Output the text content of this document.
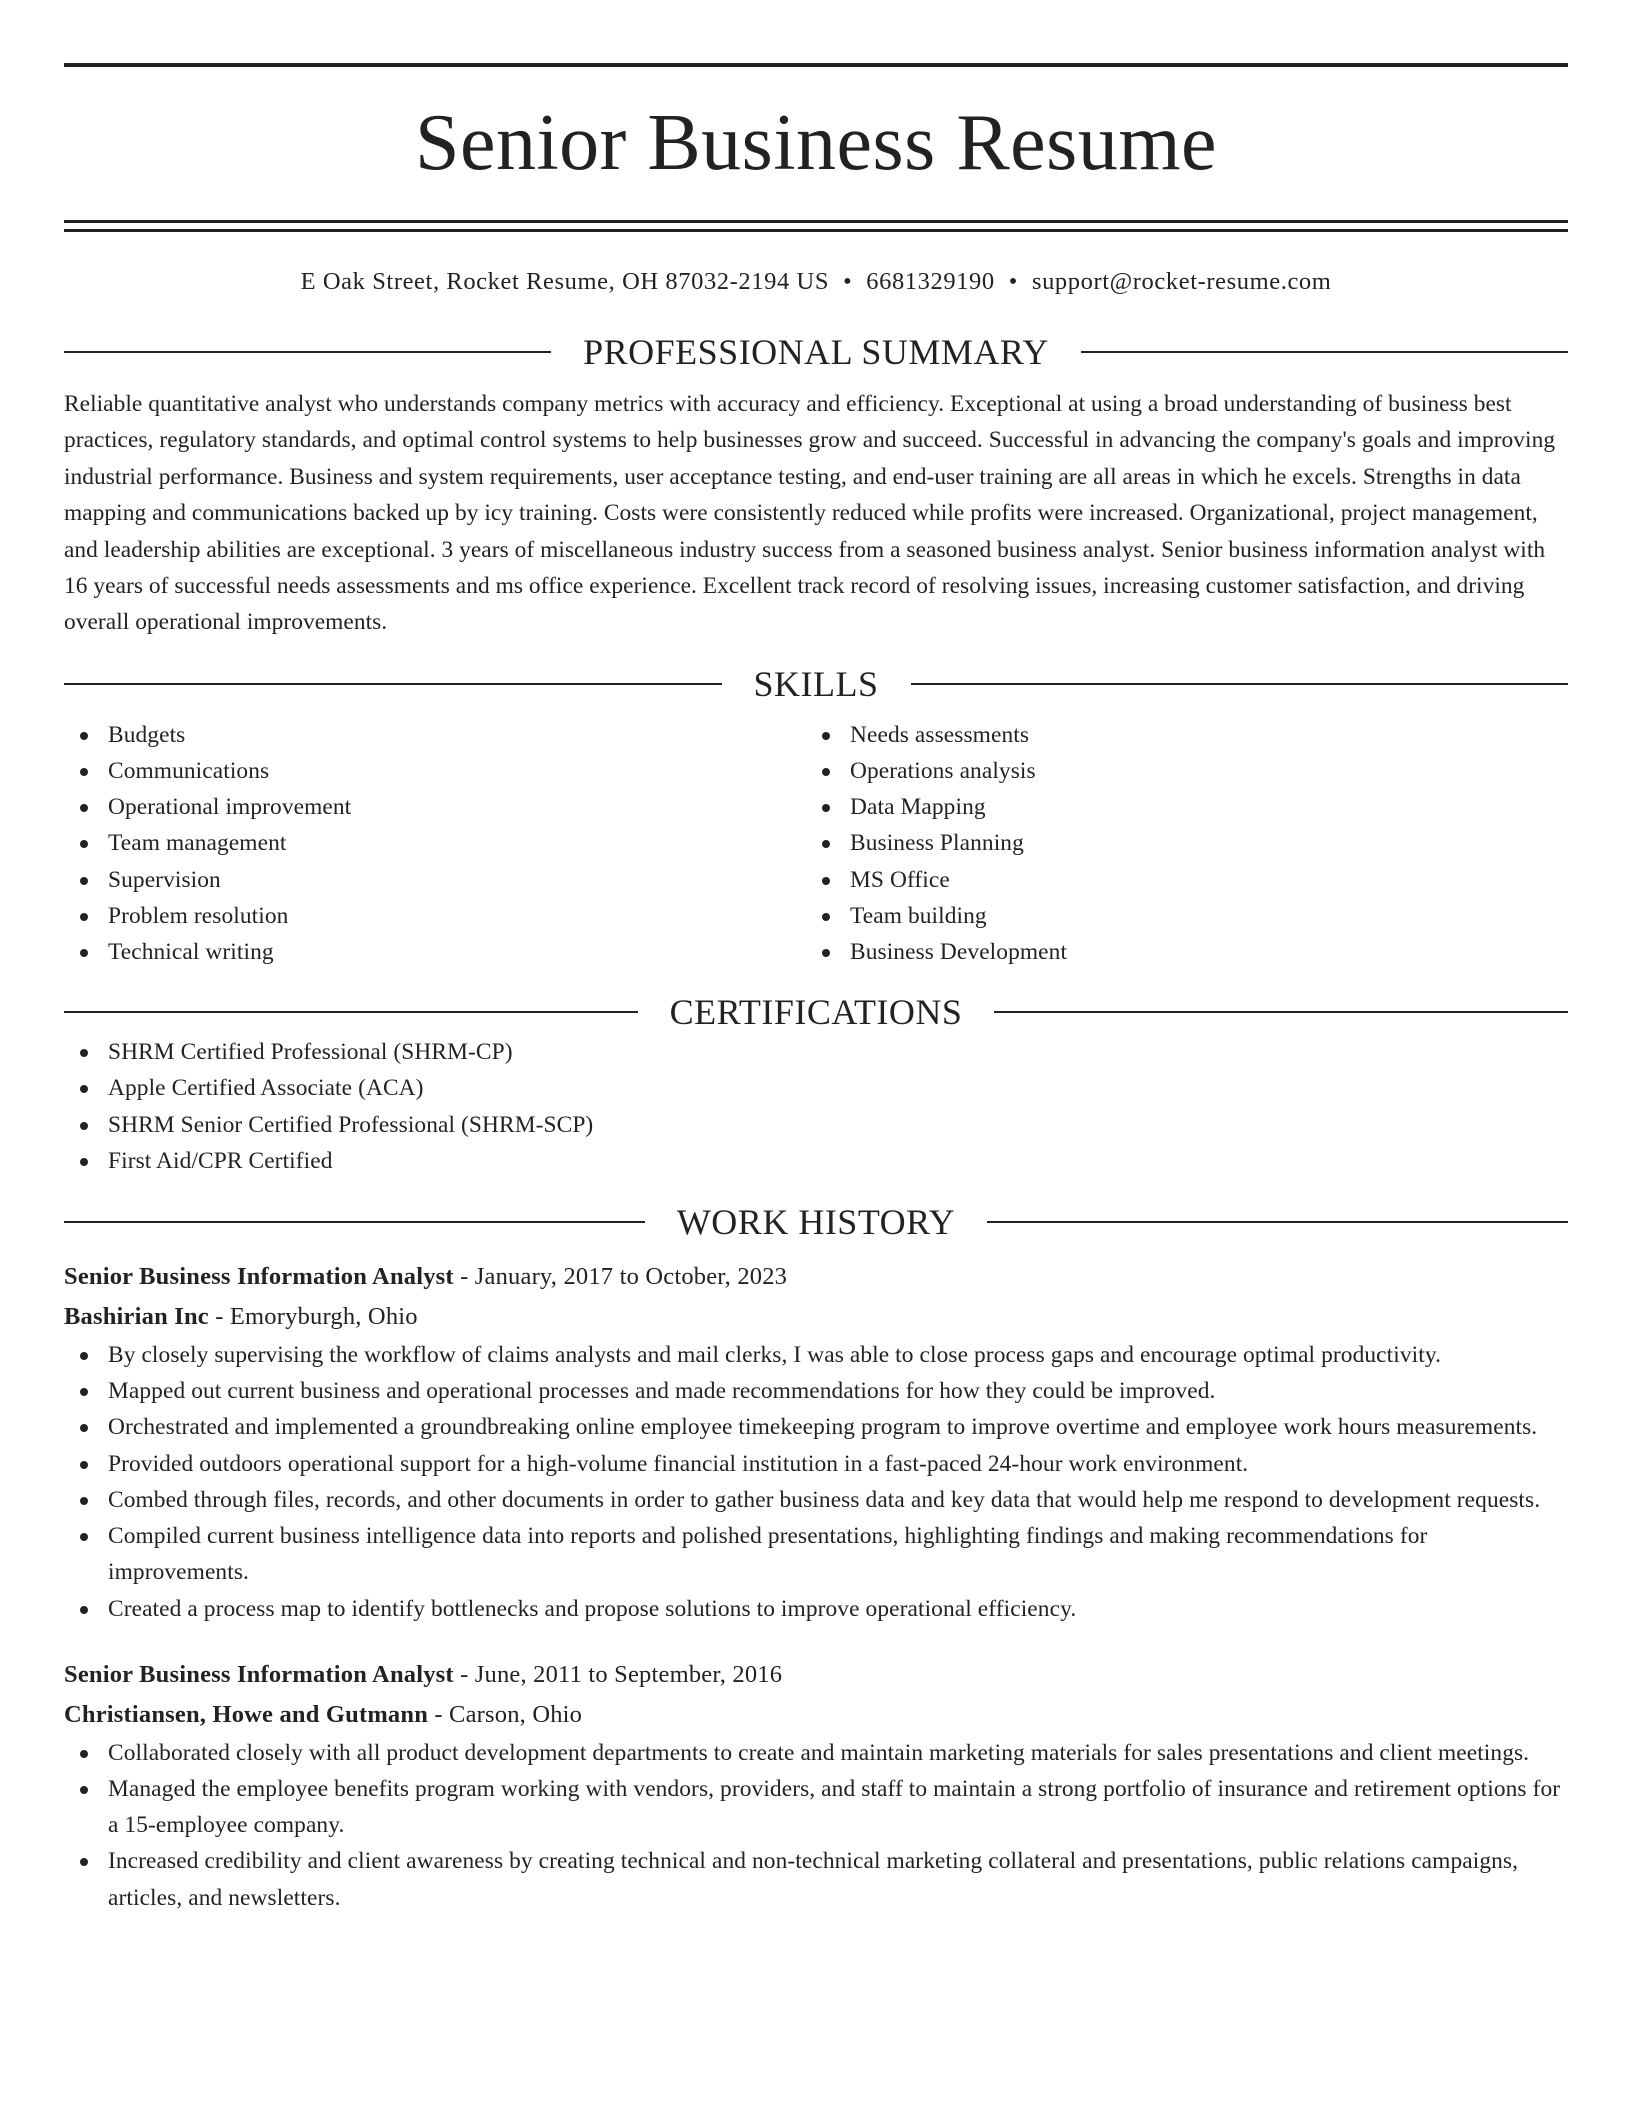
Senior Business Resume
E Oak Street, Rocket Resume, OH 87032-2194 US • 6681329190 • support@rocket-resume.com
PROFESSIONAL SUMMARY
Reliable quantitative analyst who understands company metrics with accuracy and efficiency. Exceptional at using a broad understanding of business best practices, regulatory standards, and optimal control systems to help businesses grow and succeed. Successful in advancing the company's goals and improving industrial performance. Business and system requirements, user acceptance testing, and end-user training are all areas in which he excels. Strengths in data mapping and communications backed up by icy training. Costs were consistently reduced while profits were increased. Organizational, project management, and leadership abilities are exceptional. 3 years of miscellaneous industry success from a seasoned business analyst. Senior business information analyst with 16 years of successful needs assessments and ms office experience. Excellent track record of resolving issues, increasing customer satisfaction, and driving overall operational improvements.
SKILLS
Budgets
Communications
Operational improvement
Team management
Supervision
Problem resolution
Technical writing
Needs assessments
Operations analysis
Data Mapping
Business Planning
MS Office
Team building
Business Development
CERTIFICATIONS
SHRM Certified Professional (SHRM-CP)
Apple Certified Associate (ACA)
SHRM Senior Certified Professional (SHRM-SCP)
First Aid/CPR Certified
WORK HISTORY
Senior Business Information Analyst - January, 2017 to October, 2023
Bashirian Inc - Emoryburgh, Ohio
By closely supervising the workflow of claims analysts and mail clerks, I was able to close process gaps and encourage optimal productivity.
Mapped out current business and operational processes and made recommendations for how they could be improved.
Orchestrated and implemented a groundbreaking online employee timekeeping program to improve overtime and employee work hours measurements.
Provided outdoors operational support for a high-volume financial institution in a fast-paced 24-hour work environment.
Combed through files, records, and other documents in order to gather business data and key data that would help me respond to development requests.
Compiled current business intelligence data into reports and polished presentations, highlighting findings and making recommendations for improvements.
Created a process map to identify bottlenecks and propose solutions to improve operational efficiency.
Senior Business Information Analyst - June, 2011 to September, 2016
Christiansen, Howe and Gutmann - Carson, Ohio
Collaborated closely with all product development departments to create and maintain marketing materials for sales presentations and client meetings.
Managed the employee benefits program working with vendors, providers, and staff to maintain a strong portfolio of insurance and retirement options for a 15-employee company.
Increased credibility and client awareness by creating technical and non-technical marketing collateral and presentations, public relations campaigns, articles, and newsletters.
